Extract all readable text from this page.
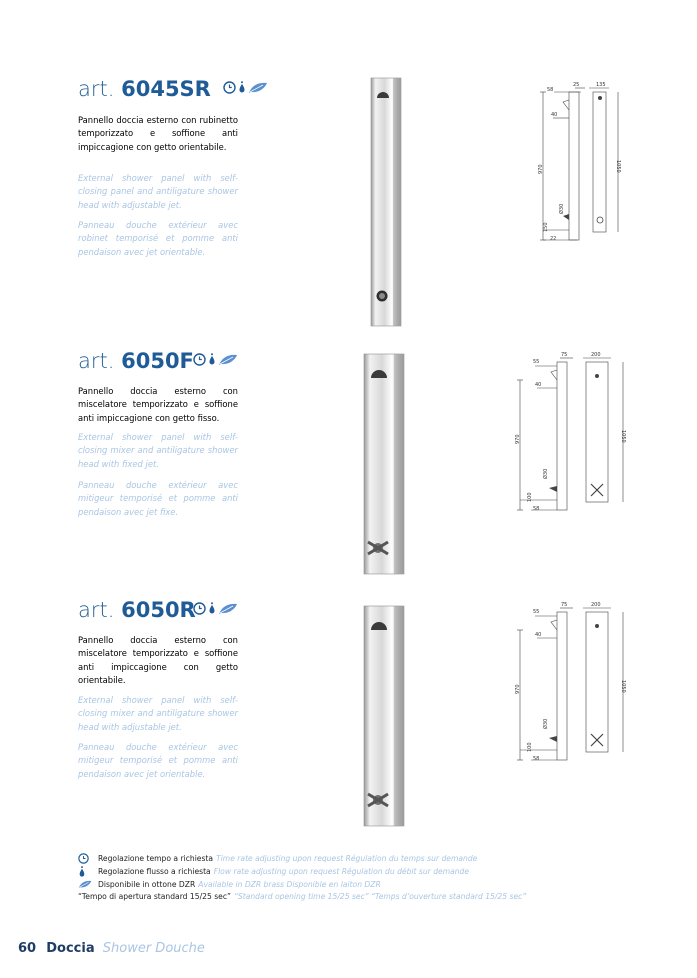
art. 6045SR
Pannello doccia esterno con rubinetto temporizzato e soffione anti impiccagione con getto orientabile.
External shower panel with self-closing panel and antiligature shower head with adjustable jet.
Panneau douche extérieur avec robinet temporisé et pomme anti pendaison avec jet orientable.
58
25	135
40
970	1050
Ø30
150
22
art. 6050F
Pannello doccia esterno con miscelatore temporizzato e soffione anti impiccagione con getto fisso.
External shower panel with self-closing mixer and antiligature shower head with fixed jet.
Panneau douche extérieur avec mitigeur temporisé et pomme anti pendaison avec jet fixe.
55
75	200
40
970	1050
Ø30
100
58
art. 6050R
Pannello doccia esterno con miscelatore temporizzato e soffione anti impiccagione con getto orientabile.
External shower panel with self-closing mixer and antiligature shower head with adjustable jet.
Panneau douche extérieur avec mitigeur temporisé et pomme anti pendaison avec jet orientable.
55
75	200
40
970	1050
Ø30
100
58
Regolazione tempo a richiesta Time rate adjusting upon request Régulation du temps sur demande
Regolazione flusso a richiesta Flow rate adjusting upon request Régulation du débit sur demande
Disponibile in ottone DZR Available in DZR brass Disponible en laiton DZR
“Tempo di apertura standard 15/25 sec” “Standard opening time 15/25 sec” “Temps d’ouverture standard 15/25 sec”
60 Doccia Shower Douche
